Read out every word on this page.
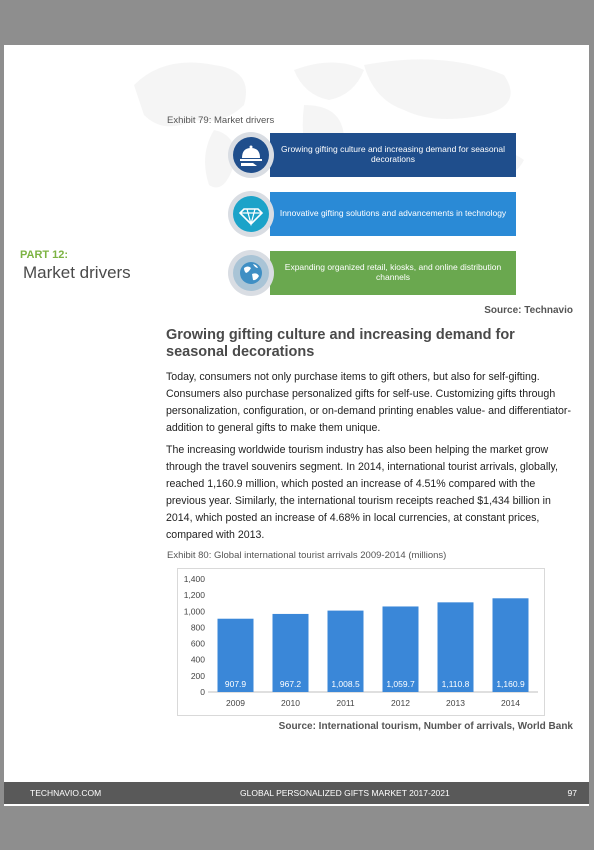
Exhibit 79: Market drivers
Growing gifting culture and increasing demand for seasonal decorations
Innovative gifting solutions and advancements in technology
Expanding organized retail, kiosks, and online distribution channels
PART 12:
Market drivers
Source: Technavio
Growing gifting culture and increasing demand for seasonal decorations
Today, consumers not only purchase items to gift others, but also for self-gifting. Consumers also purchase personalized gifts for self-use. Customizing gifts through personalization, configuration, or on-demand printing enables value- and differentiator-addition to general gifts to make them unique.
The increasing worldwide tourism industry has also been helping the market grow through the travel souvenirs segment. In 2014, international tourist arrivals, globally, reached 1,160.9 million, which posted an increase of 4.51% compared with the previous year. Similarly, the international tourism receipts reached $1,434 billion in 2014, which posted an increase of 4.68% in local currencies, at constant prices, compared with 2013.
Exhibit 80: Global international tourist arrivals 2009-2014 (millions)
0
200
400
600
800
1,000
1,200
1,400
907.9
2009
967.2
2010
1,008.5
2011
1,059.7
2012
1,110.8
2013
1,160.9
2014
Source: International tourism, Number of arrivals, World Bank
TECHNAVIO.COM	GLOBAL PERSONALIZED GIFTS MARKET 2017-2021	97
